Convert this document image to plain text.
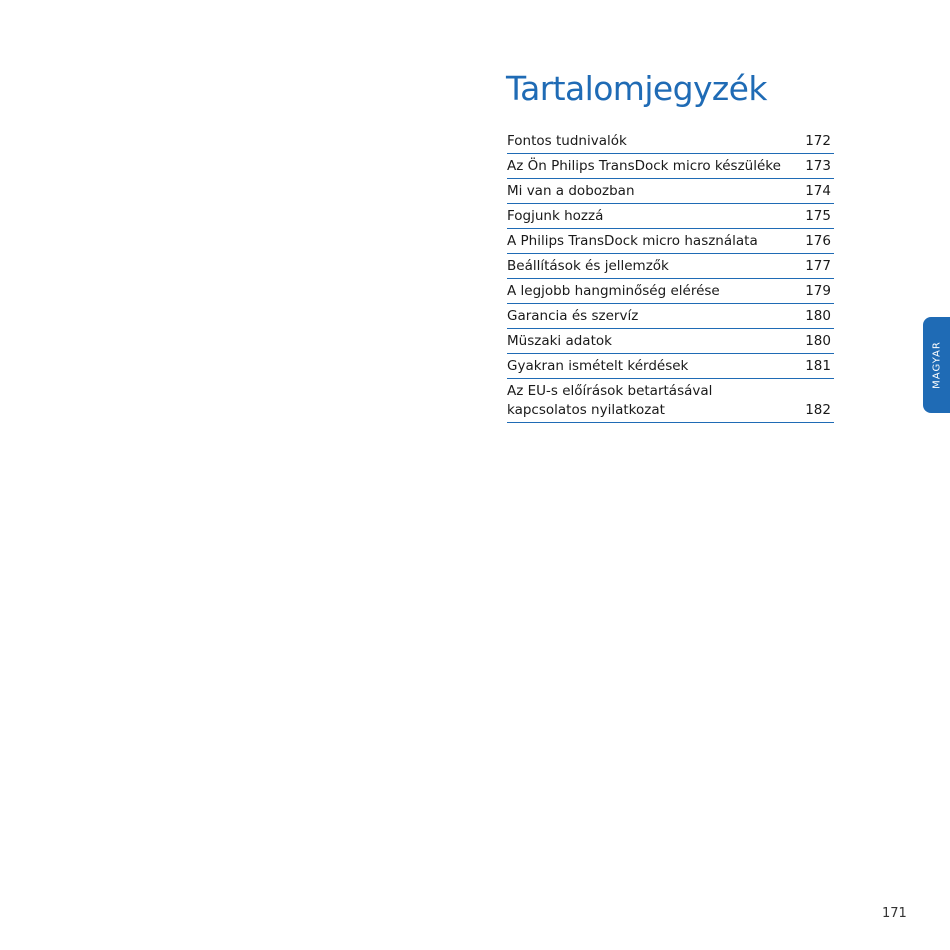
Tartalomjegyzék
Fontos tudnivalók	172
Az Ön Philips TransDock micro készüléke	173
Mi van a dobozban	174
Fogjunk hozzá	175
A Philips TransDock micro használata	176
Beállítások és jellemzők	177
A legjobb hangminőség elérése	179
Garancia és szervíz	180
Müszaki adatok	180
Gyakran ismételt kérdések	181
Az EU-s előírások betartásával
kapcsolatos nyilatkozat	182
MAGYAR
171
